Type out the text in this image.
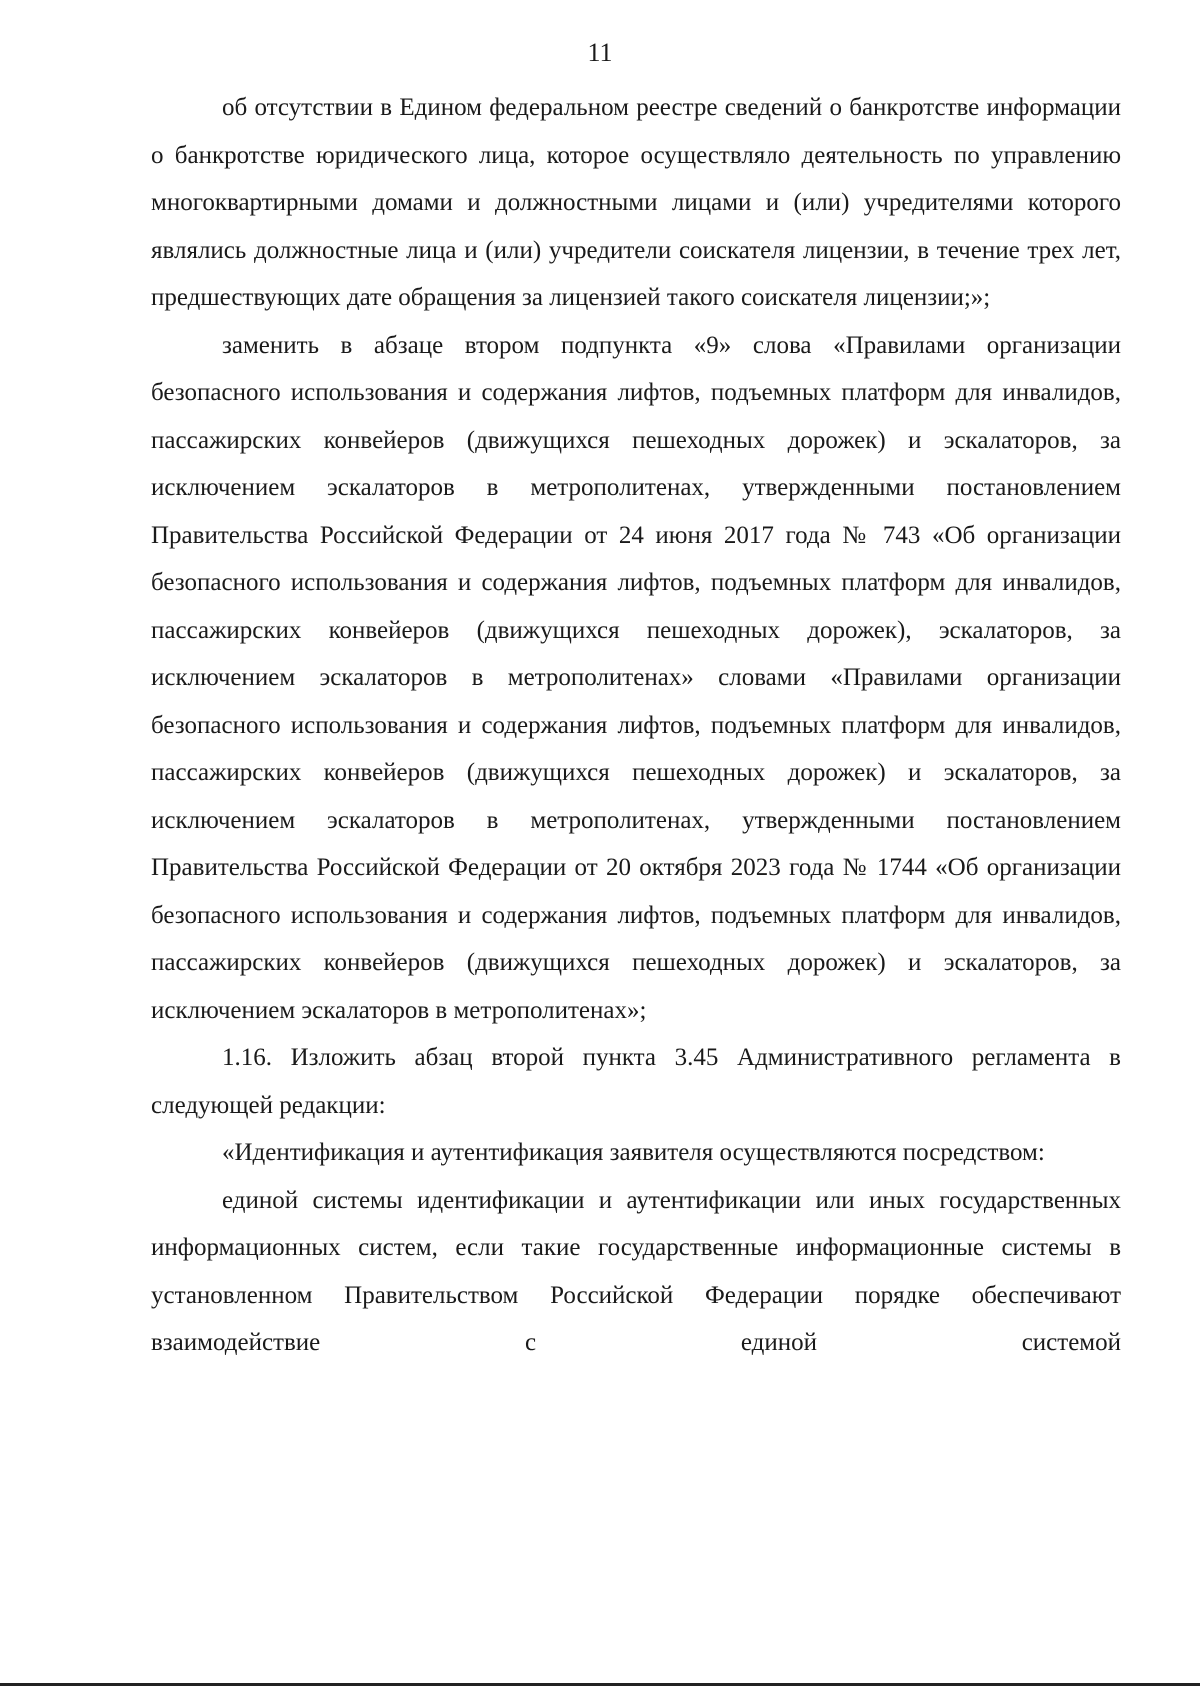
11

об отсутствии в Едином федеральном реестре сведений о банкротстве информации о банкротстве юридического лица, которое осуществляло деятельность по управлению многоквартирными домами и должностными лицами и (или) учредителями которого являлись должностные лица и (или) учредители соискателя лицензии, в течение трех лет, предшествующих дате обращения за лицензией такого соискателя лицензии;»;

заменить в абзаце втором подпункта «9» слова «Правилами организации безопасного использования и содержания лифтов, подъемных платформ для инвалидов, пассажирских конвейеров (движущихся пешеходных дорожек) и эскалаторов, за исключением эскалаторов в метрополитенах, утвержденными постановлением Правительства Российской Федерации от 24 июня 2017 года № 743 «Об организации безопасного использования и содержания лифтов, подъемных платформ для инвалидов, пассажирских конвейеров (движущихся пешеходных дорожек), эскалаторов, за исключением эскалаторов в метрополитенах» словами «Правилами организации безопасного использования и содержания лифтов, подъемных платформ для инвалидов, пассажирских конвейеров (движущихся пешеходных дорожек) и эскалаторов, за исключением эскалаторов в метрополитенах, утвержденными постановлением Правительства Российской Федерации от 20 октября 2023 года № 1744 «Об организации безопасного использования и содержания лифтов, подъемных платформ для инвалидов, пассажирских конвейеров (движущихся пешеходных дорожек) и эскалаторов, за исключением эскалаторов в метрополитенах»;

1.16. Изложить абзац второй пункта 3.45 Административного регламента в следующей редакции:

«Идентификация и аутентификация заявителя осуществляются посредством:

единой системы идентификации и аутентификации или иных государственных информационных систем, если такие государственные информационные системы в установленном Правительством Российской Федерации порядке обеспечивают взаимодействие с единой системой
